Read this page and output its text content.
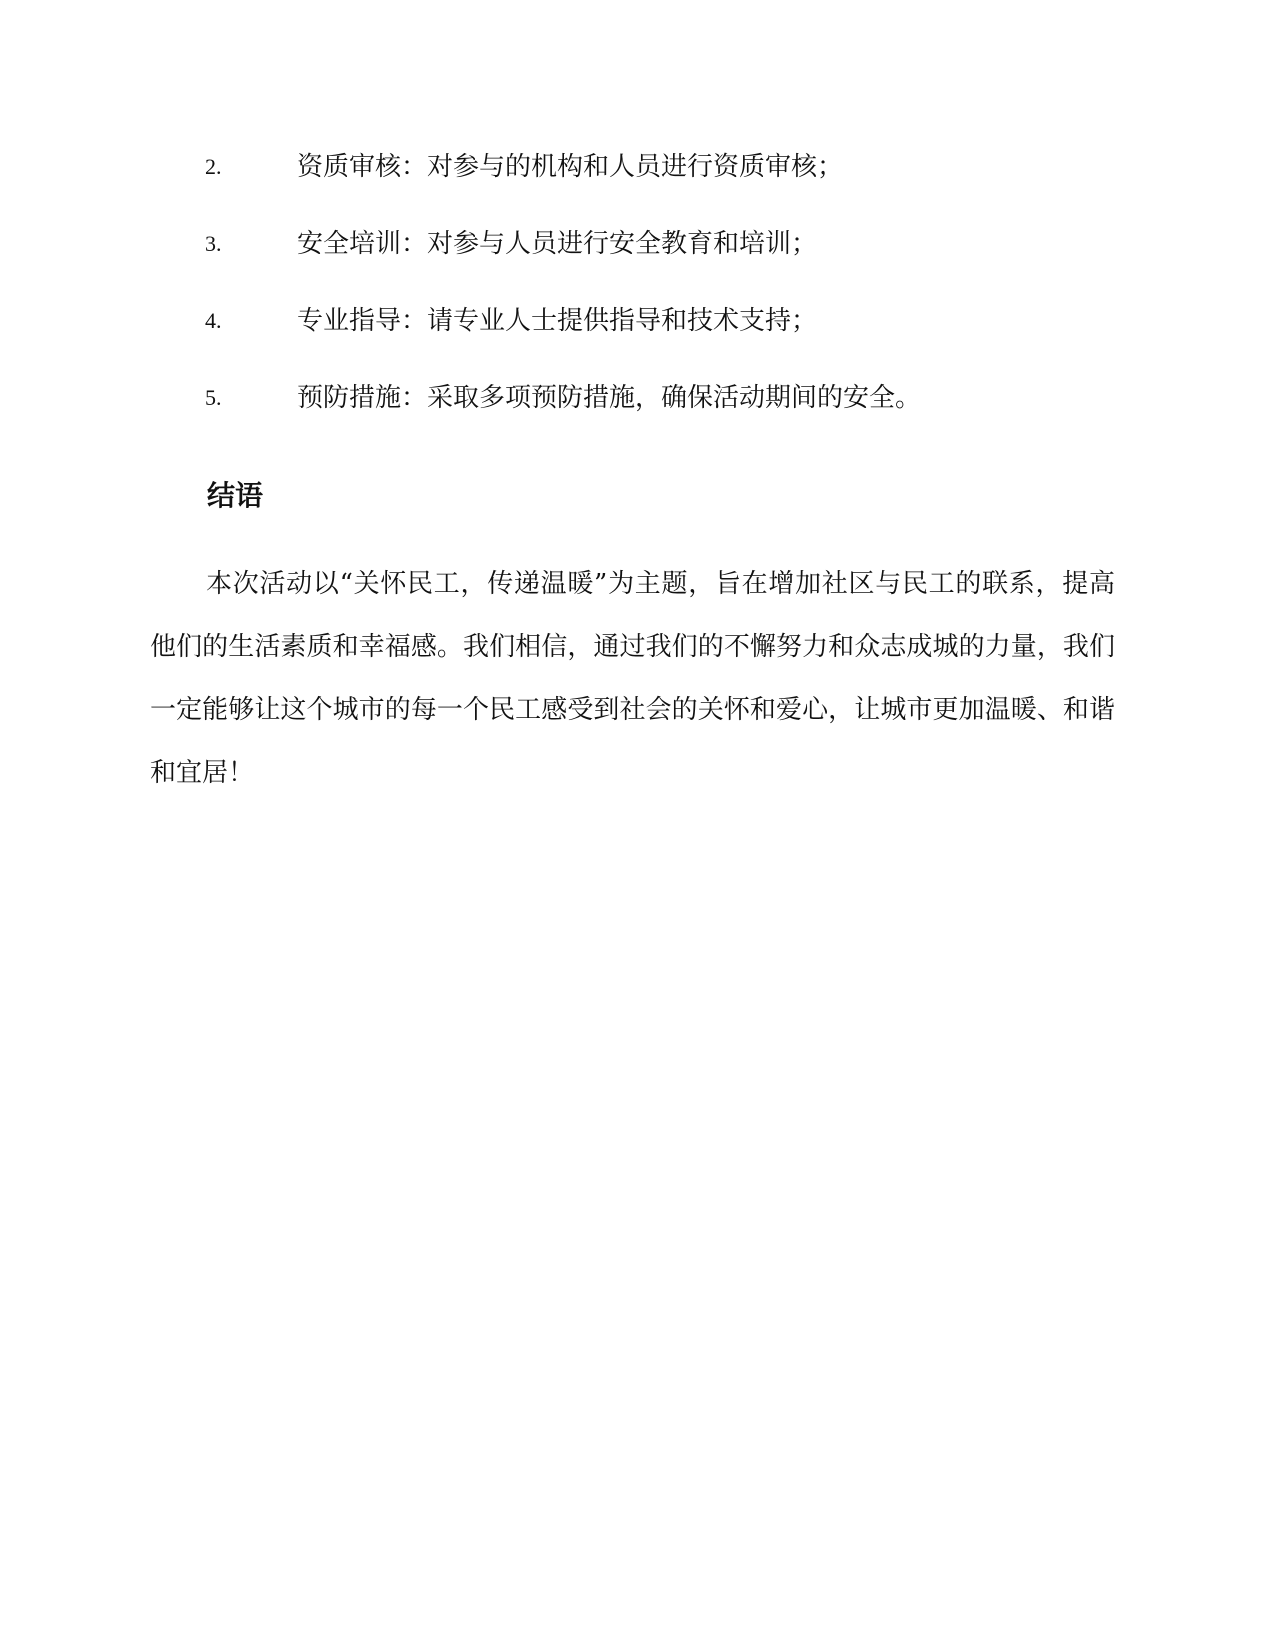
2.	资质审核：对参与的机构和人员进行资质审核；
3.	安全培训：对参与人员进行安全教育和培训；
4.	专业指导：请专业人士提供指导和技术支持；
5.	预防措施：采取多项预防措施，确保活动期间的安全。
结语

本次活动以“关怀民工，传递温暖”为主题，旨在增加社区与民工的联系，提高他们的生活素质和幸福感。我们相信，通过我们的不懈努力和众志成城的力量，我们一定能够让这个城市的每一个民工感受到社会的关怀和爱心，让城市更加温暖、和谐和宜居！
